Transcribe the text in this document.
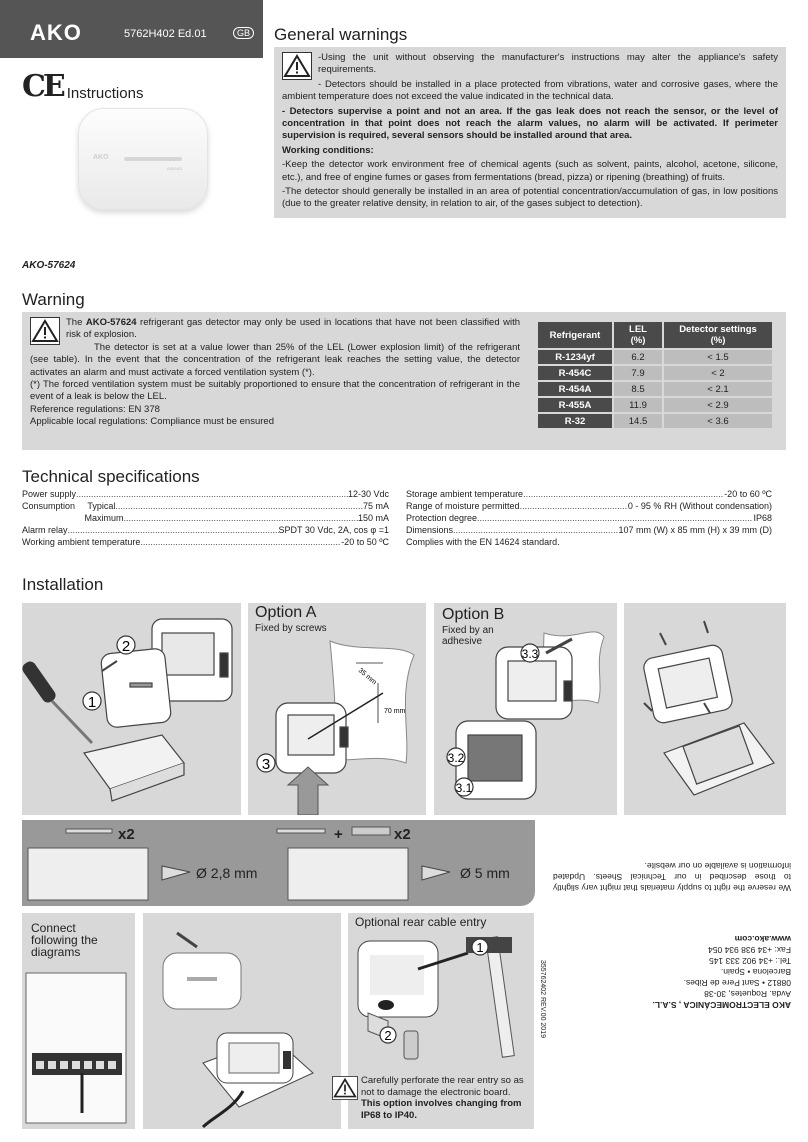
AKO	5762H402 Ed.01	GB
CE Instructions
AKO
AIRGAS
General warnings

-Using the unit without observing the manufacturer's instructions may alter the appliance's safety requirements.

- Detectors should be installed in a place protected from vibrations, water and corrosive gases, where the ambient temperature does not exceed the value indicated in the technical data.

- Detectors supervise a point and not an area. If the gas leak does not reach the sensor, or the level of concentration in that point does not reach the alarm values, no alarm will be activated. If perimeter supervision is required, several sensors should be installed around that area.

Working conditions:

-Keep the detector work environment free of chemical agents (such as solvent, paints, alcohol, acetone, silicone, etc.), and free of engine fumes or gases from fermentations (bread, pizza) or ripening (breathing) of fruits.

-The detector should generally be installed in an area of potential concentration/accumulation of gas, in low positions (due to the greater relative density, in relation to air, of the gases subject to detection).

AKO-57624
Warning

The AKO-57624 refrigerant gas detector may only be used in locations that have not been classified with risk of explosion.

The detector is set at a value lower than 25% of the LEL (Lower explosion limit) of the refrigerant (see table). In the event that the concentration of the refrigerant leak reaches the setting value, the detector activates an alarm and must activate a forced ventilation system (*).

(*) The forced ventilation system must be suitably proportioned to ensure that the concentration of refrigerant in the event of a leak is below the LEL.

Reference regulations: EN 378

Applicable local regulations: Compliance must be ensured

Refrigerant	LEL (%)	Detector settings (%)
R-1234yf	6.2	< 1.5
R-454C	7.9	< 2
R-454A	8.5	< 2.1
R-455A	11.9	< 2.9
R-32	14.5	< 3.6
Technical specifications
Power supply .....	12-30 Vdc
Consumption     Typical .....	75 mA
Maximum .....	150 mA
Alarm relay .....	SPDT 30 Vdc, 2A, cos φ =1
Working ambient temperature .....	-20 to 50 ºC
Storage ambient temperature .....	-20 to 60 ºC
Range of moisture permitted .....	0 - 95 % RH (Without condensation)
Protection degree .....	IP68
Dimensions .....	107 mm (W) x 85 mm (H) x 39 mm (D)
Complies with the EN 14624 standard.
Installation
2
1
Option A
Fixed by screws
35 mm
70 mm
3
Option B
Fixed by an
adhesive
3.3
3.2
3.1
x2	+	x2
Ø 2,8 mm	Ø 5 mm
Connect
following the
diagrams
Optional rear cable entry
1
2
Carefully perforate the rear entry so as not to damage the electronic board.
This option involves changing from IP68 to IP40.
AKO ELECTROMECÁNICA , S.A.L.
Avda. Roquetes, 30-38
08812 • Sant Pere de Ribes.
Barcelona • Spain.
Tel.: +34 902 333 145
Fax: +34 938 934 054
www.ako.com
We reserve the right to supply materials that might vary slightly to those described in our Technical Sheets. Updated information is available on our website.
355762402 REV.00 2019
